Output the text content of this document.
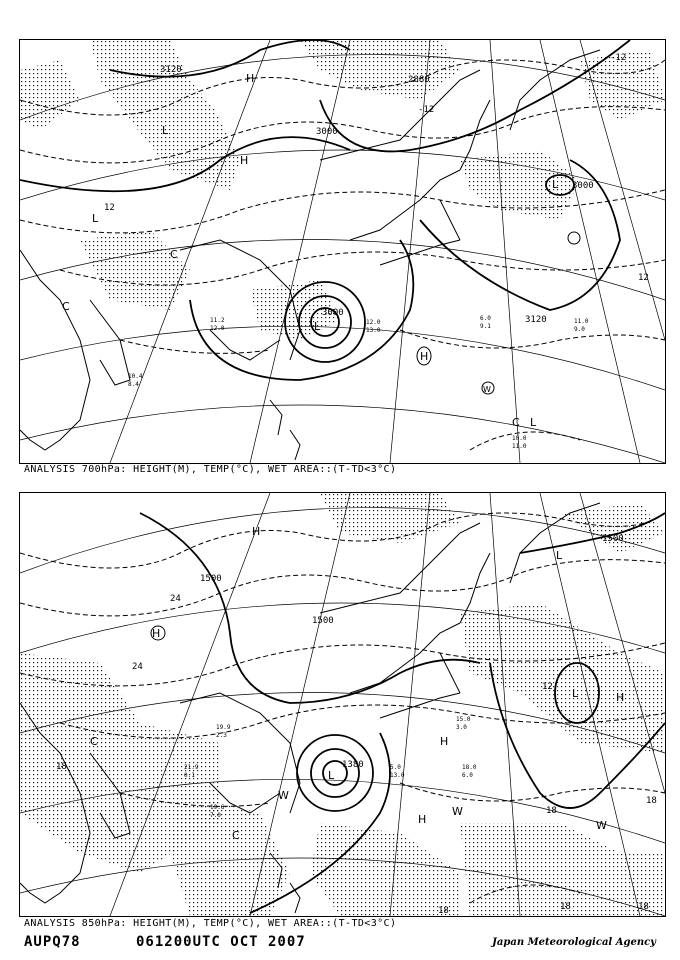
3120
2880
3000
3000
3120
3000
12
-12
12
-12
H
H
H
L
L
L
L
L
C
C
C
W
10.0
11.0
11.0
9.0
12.0
13.0
6.0
9.1
11.2
12.0
10.4
8.4
ANALYSIS 700hPa: HEIGHT(M), TEMP(°C), WET AREA::(T-TD<3°C)
1500
1500
1500
1380
24
24
12
18
18
18
18	18	18
H
H
H
H
H
L
L
L
C
C
W
W
W
19.6
7.0
19.9
2.3
18.0
6.0
15.0
3.0
21.9
0.1
5.0
13.0
ANALYSIS 850hPa: HEIGHT(M), TEMP(°C), WET AREA::(T-TD<3°C)
AUPQ78	061200UTC OCT 2007	Japan Meteorological Agency
